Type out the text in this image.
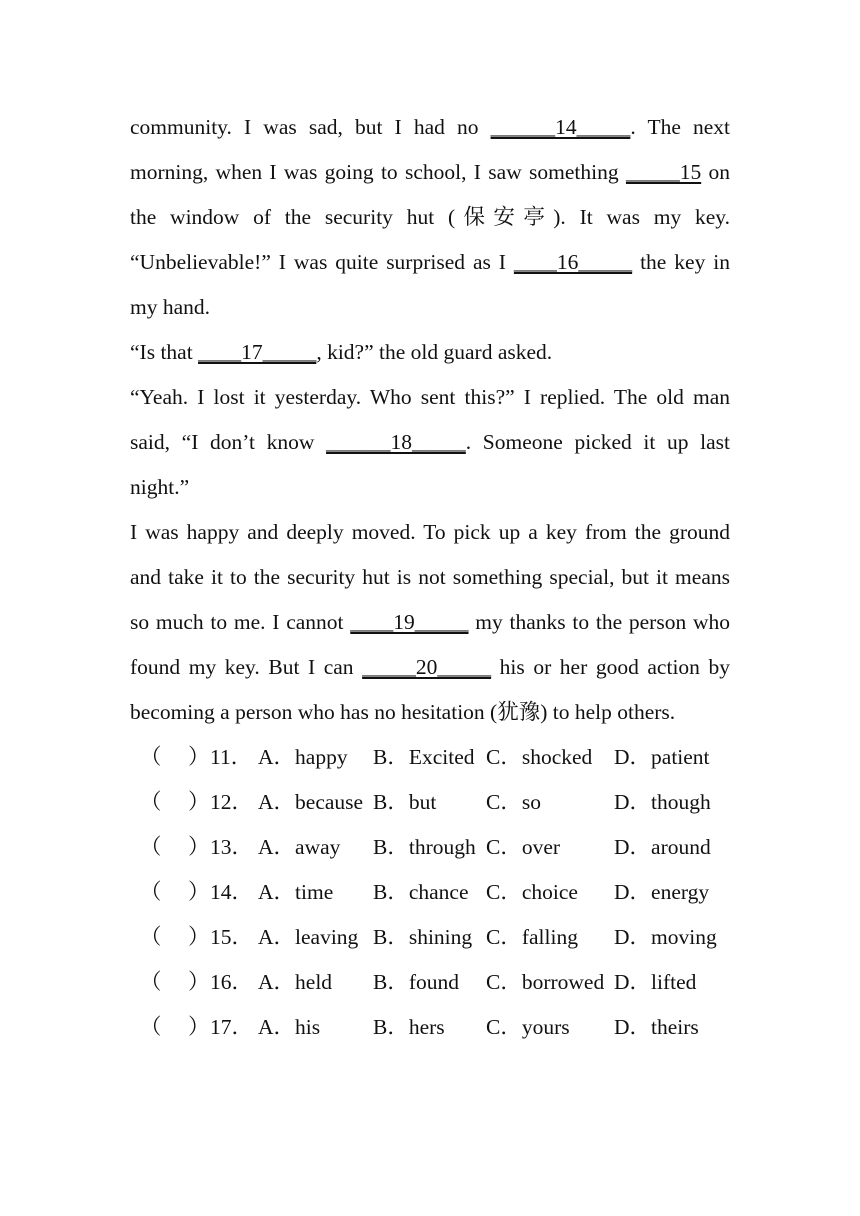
community. I was sad, but I had no ______14_____. The next morning, when I was going to school, I saw something _____15 on the window of the security hut (保安亭). It was my key. “Unbelievable!” I was quite surprised as I ____16_____ the key in my hand.

“Is that ____17_____, kid?” the old guard asked.

“Yeah. I lost it yesterday. Who sent this?” I replied. The old man said, “I don’t know ______18_____. Someone picked it up last night.”

I was happy and deeply moved. To pick up a key from the ground and take it to the security hut is not something special, but it means so much to me. I cannot ____19_____ my thanks to the person who found my key. But I can _____20_____ his or her good action by becoming a person who has no hesitation (犹豫) to help others.

（ ） 11． A．happy B．Excited C．shocked D．patient
（ ） 12． A．because B．but C．so	D．though
（ ） 13． A．away B．through C．over	D．around
（ ） 14． A．time B．chance C．choice D．energy
（ ） 15． A．leaving B．shining C．falling D．moving
（ ） 16． A．held B．found C．borrowed D．lifted
（ ） 17． A．his B．hers C．yours D．theirs
